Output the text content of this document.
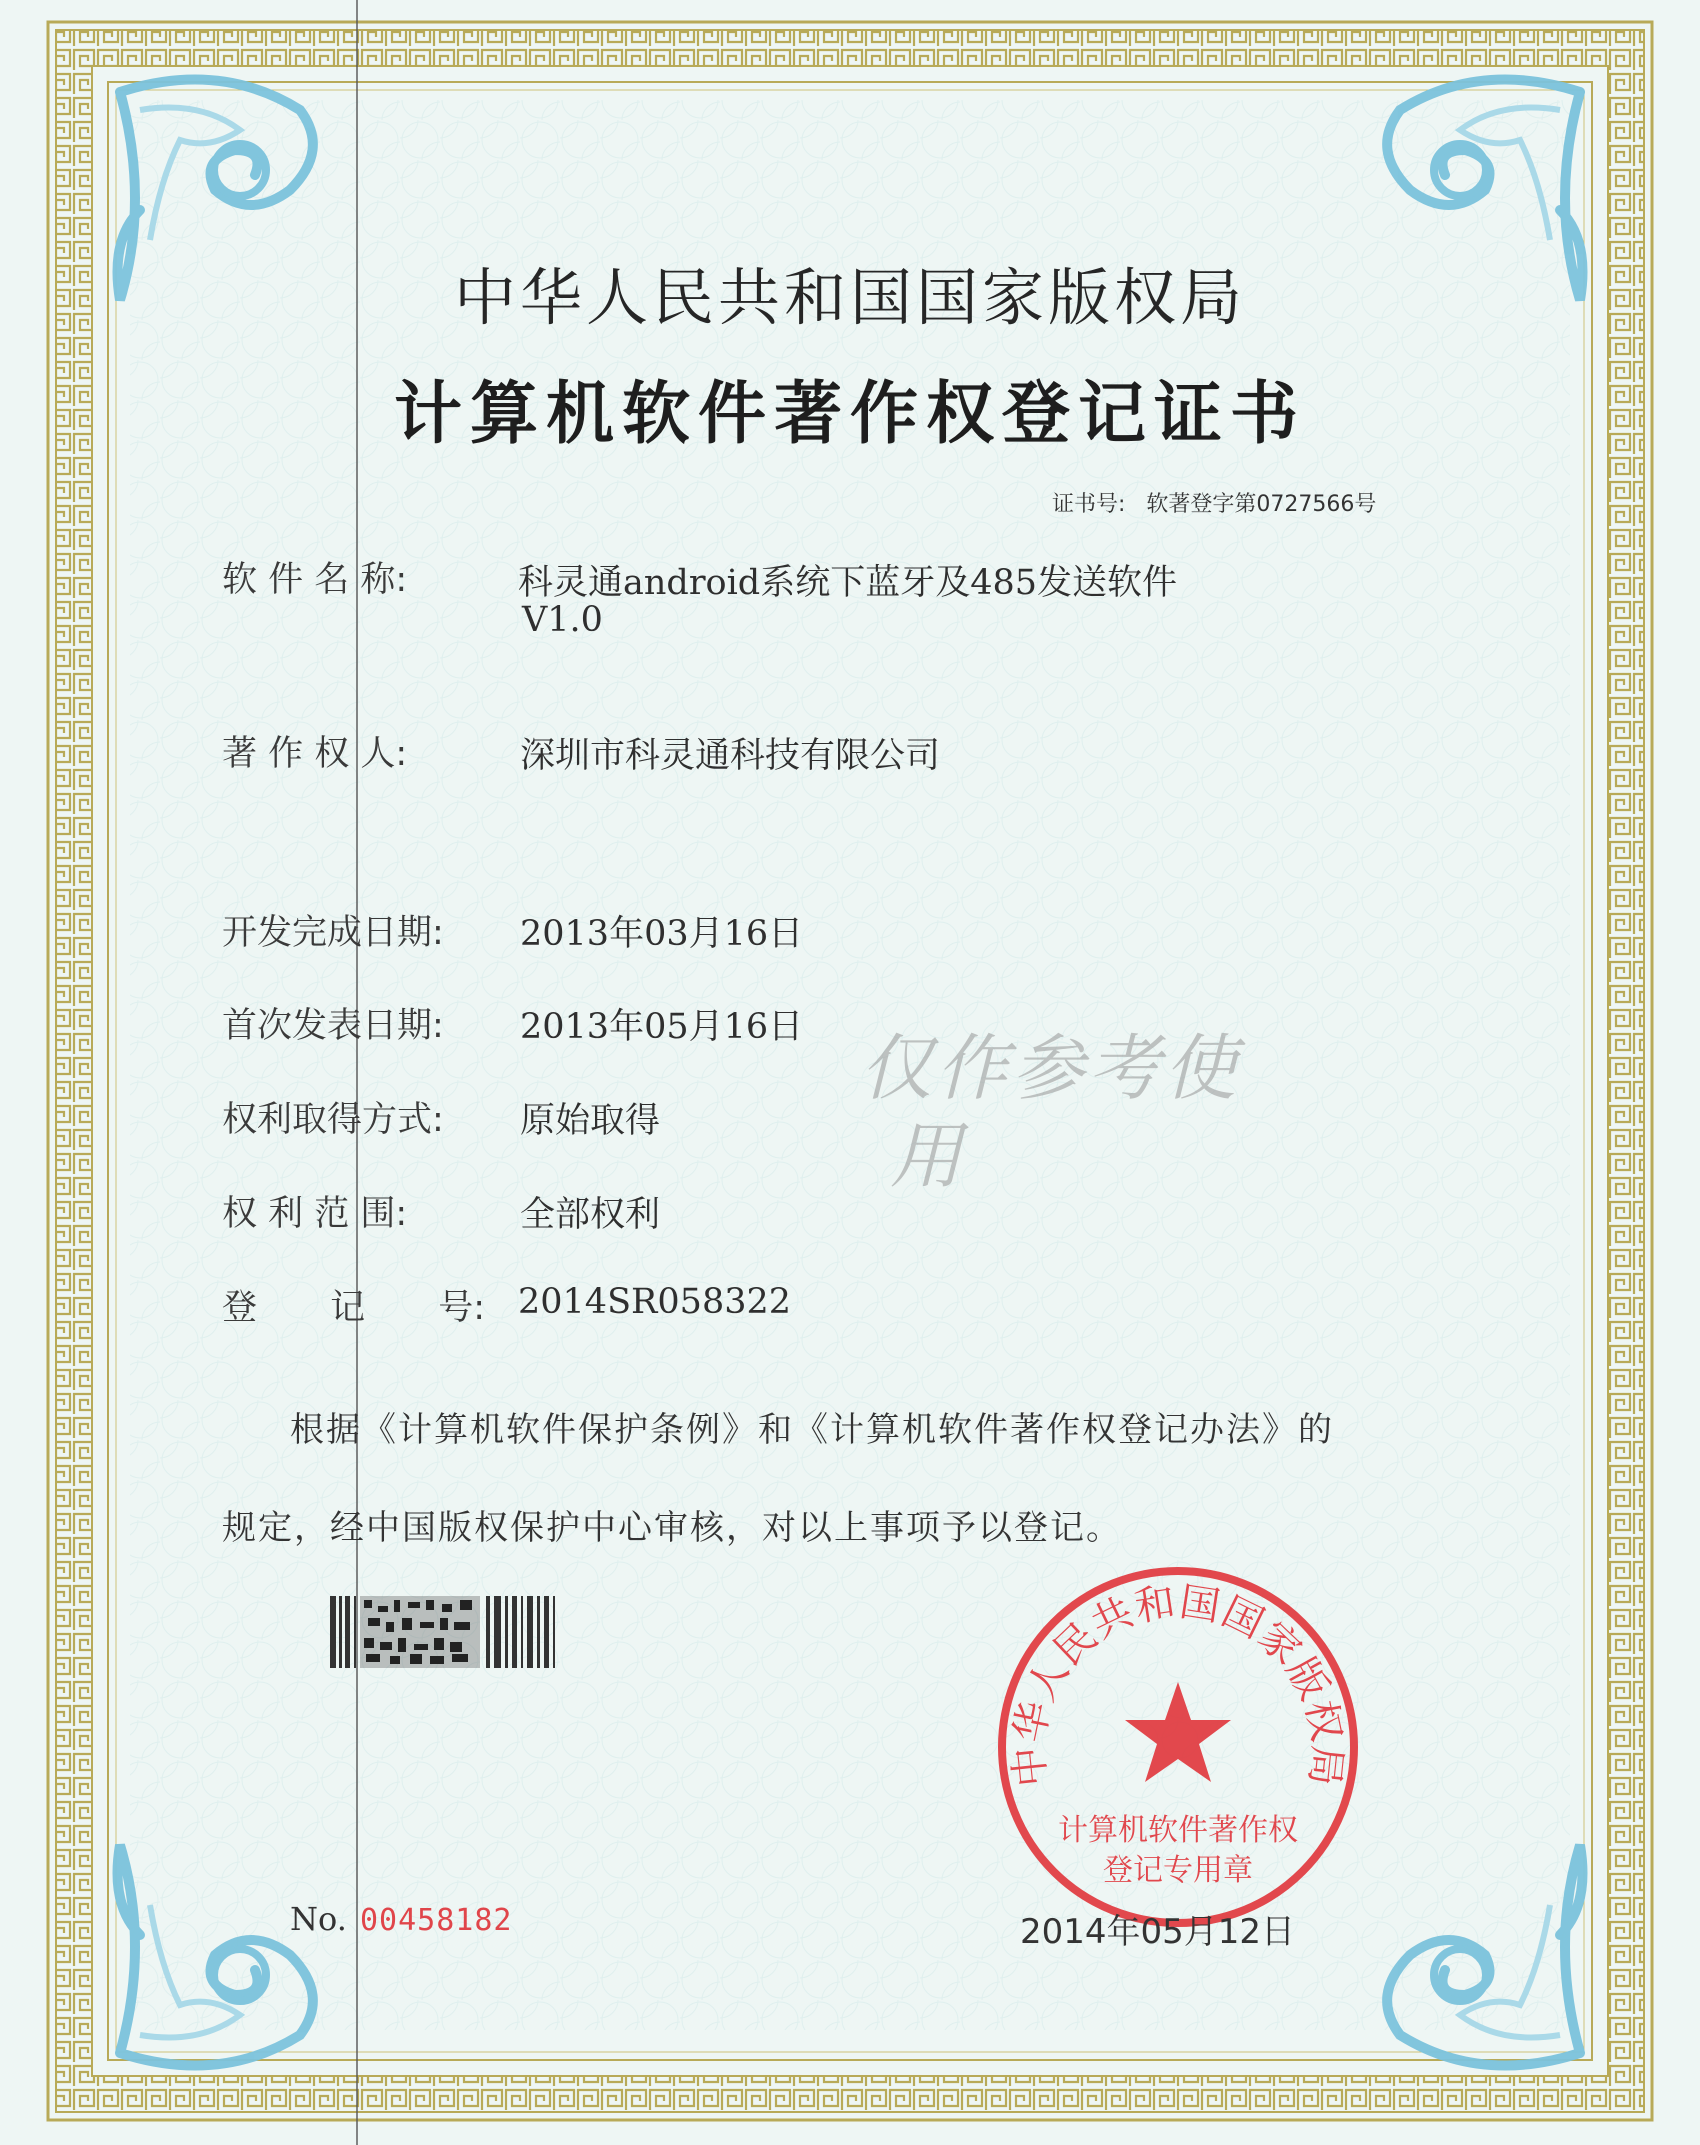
中华人民共和国国家版权局
计算机软件著作权登记证书
证书号: 软著登字第0727566号
软 件 名 称:	科灵通android系统下蓝牙及485发送软件
V1.0
著 作 权 人:	深圳市科灵通科技有限公司
开发完成日期: 2013年03月16日
首次发表日期: 2013年05月16日
权利取得方式: 原始取得
权 利 范 围:	全部权利
登 记 号: 2014SR058322
仅作参考使
用
根据《计算机软件保护条例》和《计算机软件著作权登记办法》的
规定，经中国版权保护中心审核，对以上事项予以登记。
No. 00458182
中华人民共和国国家版权局
计算机软件著作权
登记专用章
2014年05月12日
